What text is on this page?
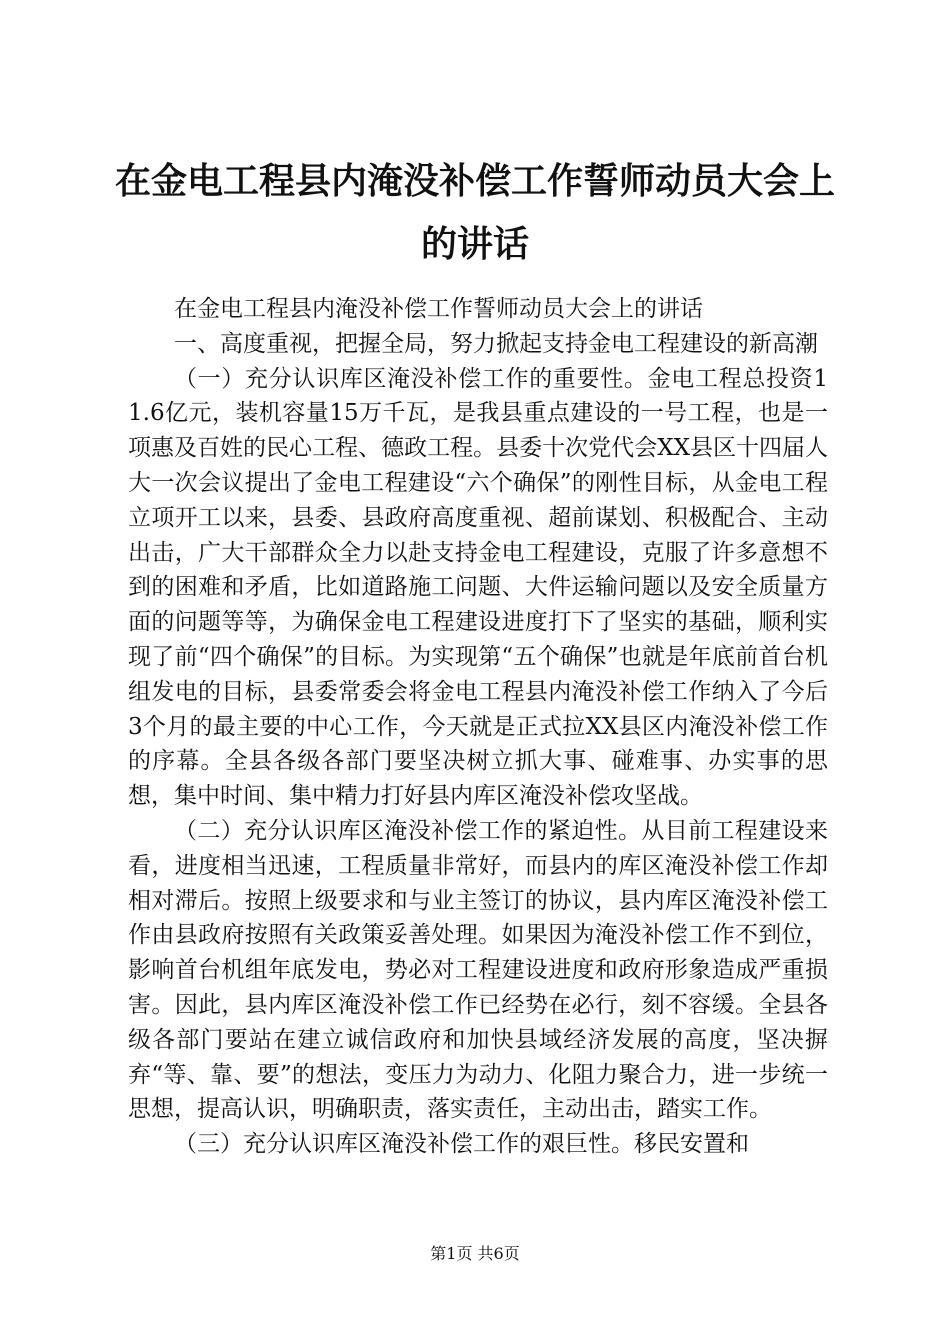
在金电工程县内淹没补偿工作誓师动员大会上
的讲话

在金电工程县内淹没补偿工作誓师动员大会上的讲话

一、高度重视，把握全局，努力掀起支持金电工程建设的新高潮

（一）充分认识库区淹没补偿工作的重要性。金电工程总投资11.6亿元，装机容量15万千瓦，是我县重点建设的一号工程，也是一项惠及百姓的民心工程、德政工程。县委十次党代会XX县区十四届人大一次会议提出了金电工程建设“六个确保”的刚性目标，从金电工程立项开工以来，县委、县政府高度重视、超前谋划、积极配合、主动出击，广大干部群众全力以赴支持金电工程建设，克服了许多意想不到的困难和矛盾，比如道路施工问题、大件运输问题以及安全质量方面的问题等等，为确保金电工程建设进度打下了坚实的基础，顺利实现了前“四个确保”的目标。为实现第“五个确保”也就是年底前首台机组发电的目标，县委常委会将金电工程县内淹没补偿工作纳入了今后3个月的最主要的中心工作，今天就是正式拉XX县区内淹没补偿工作的序幕。全县各级各部门要坚决树立抓大事、碰难事、办实事的思想，集中时间、集中精力打好县内库区淹没补偿攻坚战。

（二）充分认识库区淹没补偿工作的紧迫性。从目前工程建设来看，进度相当迅速，工程质量非常好，而县内的库区淹没补偿工作却相对滞后。按照上级要求和与业主签订的协议，县内库区淹没补偿工作由县政府按照有关政策妥善处理。如果因为淹没补偿工作不到位，影响首台机组年底发电，势必对工程建设进度和政府形象造成严重损害。因此，县内库区淹没补偿工作已经势在必行，刻不容缓。全县各级各部门要站在建立诚信政府和加快县域经济发展的高度，坚决摒弃“等、靠、要”的想法，变压力为动力、化阻力聚合力，进一步统一思想，提高认识，明确职责，落实责任，主动出击，踏实工作。

（三）充分认识库区淹没补偿工作的艰巨性。移民安置和

第1页 共6页
